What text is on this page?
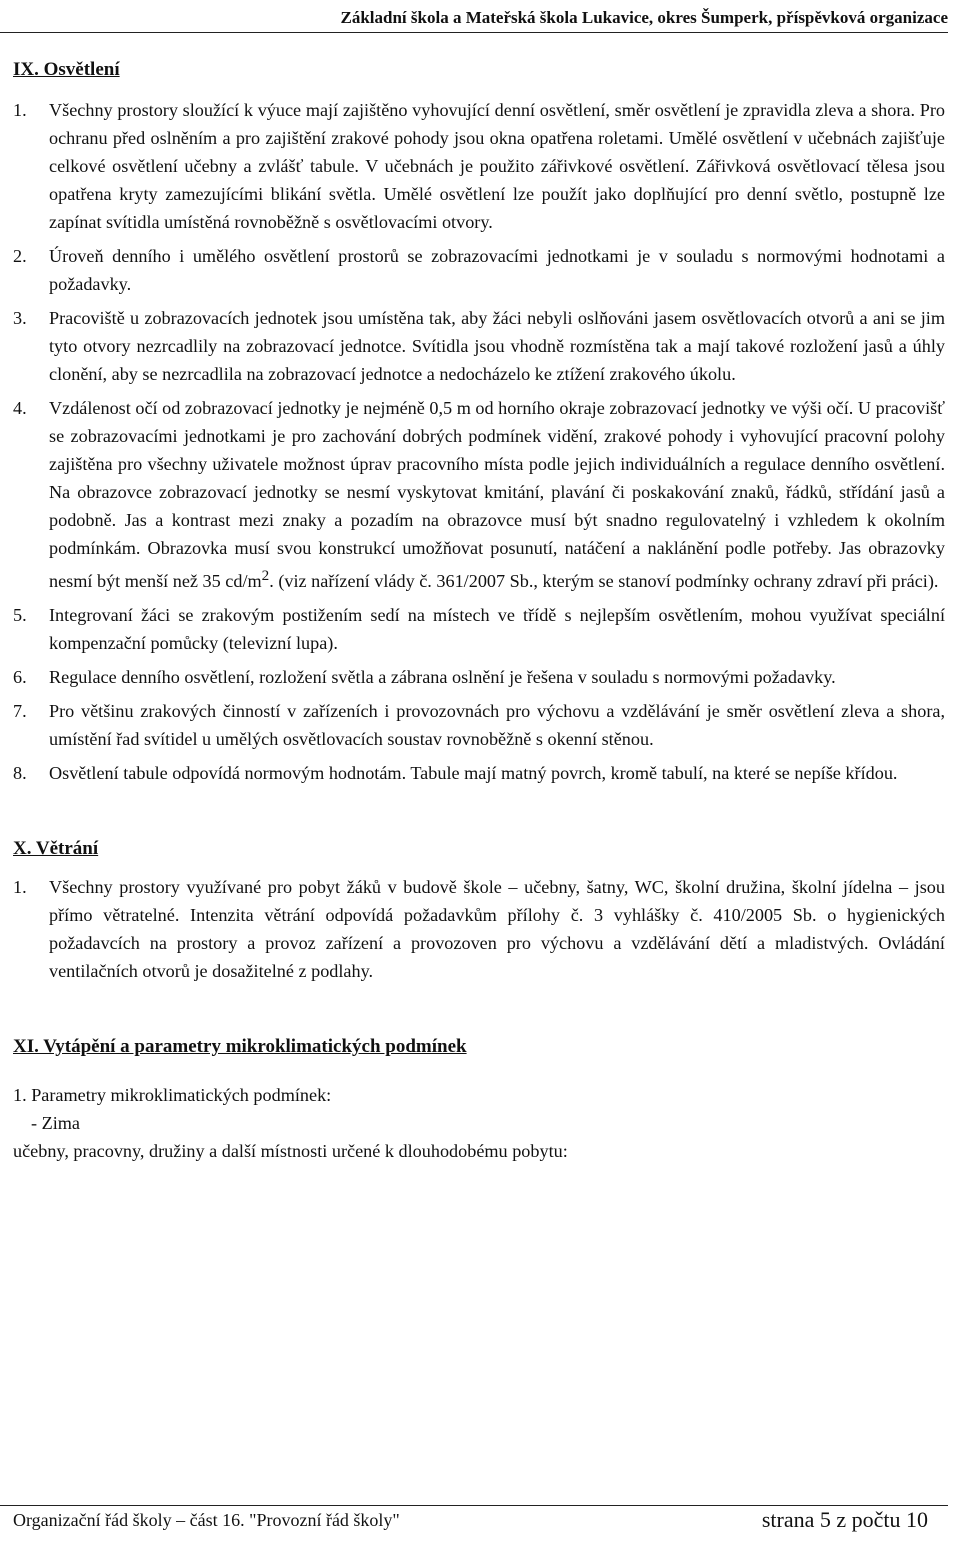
Základní škola a Mateřská škola Lukavice, okres Šumperk, příspěvková organizace
IX. Osvětlení
1.	Všechny prostory sloužící k výuce mají zajištěno vyhovující denní osvětlení, směr osvětlení je zpravidla zleva a shora. Pro ochranu před oslněním a pro zajištění zrakové pohody jsou okna opatřena roletami. Umělé osvětlení v učebnách zajišťuje celkové osvětlení učebny a zvlášť tabule. V učebnách je použito zářivkové osvětlení. Zářivková osvětlovací tělesa jsou opatřena kryty zamezujícími blikání světla. Umělé osvětlení lze použít jako doplňující pro denní světlo, postupně lze zapínat svítidla umístěná rovnoběžně s osvětlovacími otvory.
2.	Úroveň denního i umělého osvětlení prostorů se zobrazovacími jednotkami je v souladu s normovými hodnotami a požadavky.
3.	Pracoviště u zobrazovacích jednotek jsou umístěna tak, aby žáci nebyli oslňováni jasem osvětlovacích otvorů a ani se jim tyto otvory nezrcadlily na zobrazovací jednotce. Svítidla jsou vhodně rozmístěna tak a mají takové rozložení jasů a úhly clonění, aby se nezrcadlila na zobrazovací jednotce a nedocházelo ke ztížení zrakového úkolu.
4.	Vzdálenost očí od zobrazovací jednotky je nejméně 0,5 m od horního okraje zobrazovací jednotky ve výši očí. U pracovišť se zobrazovacími jednotkami je pro zachování dobrých podmínek vidění, zrakové pohody i vyhovující pracovní polohy zajištěna pro všechny uživatele možnost úprav pracovního místa podle jejich individuálních a regulace denního osvětlení. Na obrazovce zobrazovací jednotky se nesmí vyskytovat kmitání, plavání či poskakování znaků, řádků, střídání jasů a podobně. Jas a kontrast mezi znaky a pozadím na obrazovce musí být snadno regulovatelný i vzhledem k okolním podmínkám. Obrazovka musí svou konstrukcí umožňovat posunutí, natáčení a naklánění podle potřeby. Jas obrazovky nesmí být menší než 35 $cd/m^2$. (viz nařízení vlády č. 361/2007 Sb., kterým se stanoví podmínky ochrany zdraví při práci).
5.	Integrovaní žáci se zrakovým postižením sedí na místech ve třídě s nejlepším osvětlením, mohou využívat speciální kompenzační pomůcky (televizní lupa).
6.	Regulace denního osvětlení, rozložení světla a zábrana oslnění je řešena v souladu s normovými požadavky.
7.	Pro většinu zrakových činností v zařízeních i provozovnách pro výchovu a vzdělávání je směr osvětlení zleva a shora, umístění řad svítidel u umělých osvětlovacích soustav rovnoběžně s okenní stěnou.
8.	Osvětlení tabule odpovídá normovým hodnotám. Tabule mají matný povrch, kromě tabulí, na které se nepíše křídou.
X. Větrání
1.	Všechny prostory využívané pro pobyt žáků v budově škole – učebny, šatny, WC, školní družina, školní jídelna – jsou přímo větratelné. Intenzita větrání odpovídá požadavkům přílohy č. 3 vyhlášky č. 410/2005 Sb. o hygienických požadavcích na prostory a provoz zařízení a provozoven pro výchovu a vzdělávání dětí a mladistvých. Ovládání ventilačních otvorů je dosažitelné z podlahy.
XI. Vytápění a parametry mikroklimatických podmínek
1. Parametry mikroklimatických podmínek:
- Zima
učebny, pracovny, družiny a další místnosti určené k dlouhodobému pobytu:
Organizační řád školy – část 16. "Provozní řád školy"	strana 5 z počtu 10
